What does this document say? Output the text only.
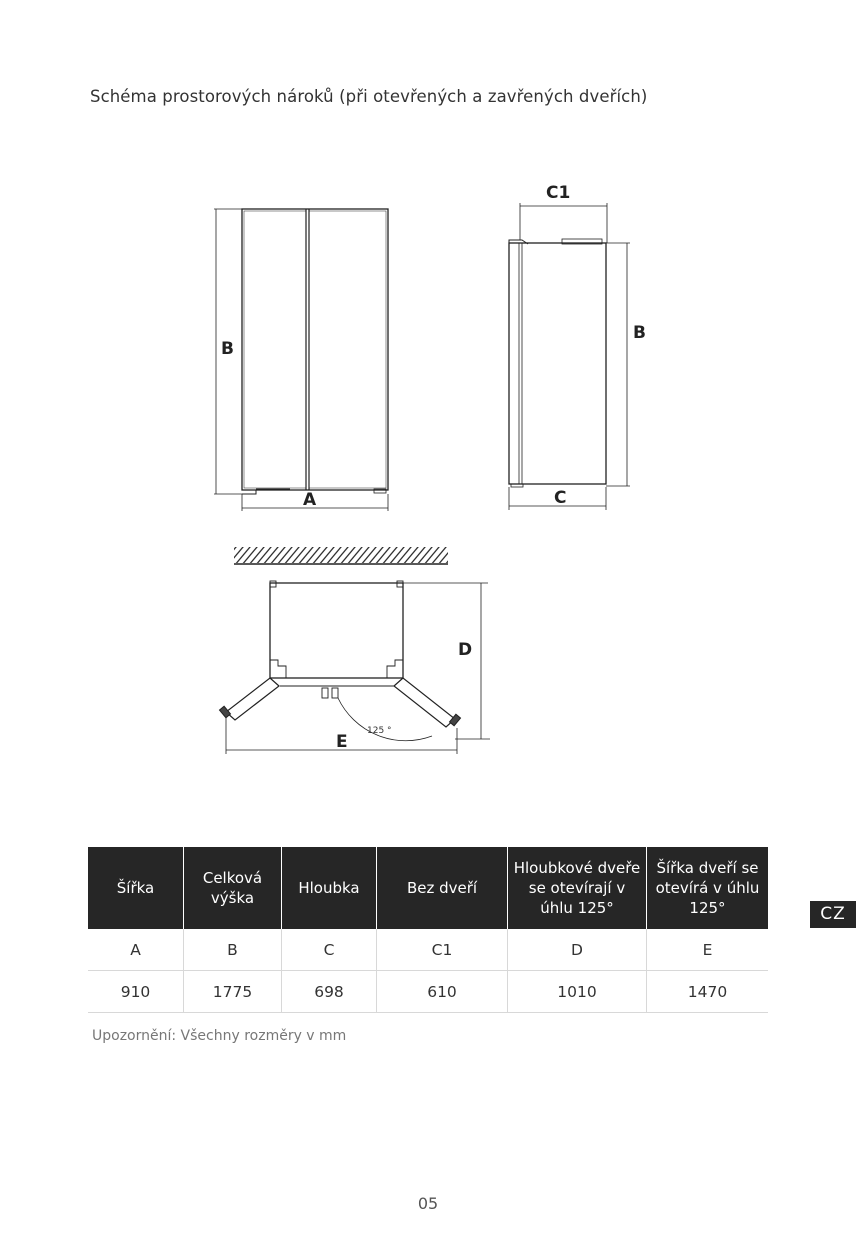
Schéma prostorových nároků (při otevřených a zavřených dveřích)
B
A
C1
B
C
D
E
125 °
Šířka	Celková výška	Hloubka	Bez dveří	Hloubkové dveře se otevírají v úhlu 125°	Šířka dveří se otevírá v úhlu 125°
A	B	C	C1	D	E
910	1775	698	610	1010	1470
Upozornění: Všechny rozměry v mm
CZ
05
